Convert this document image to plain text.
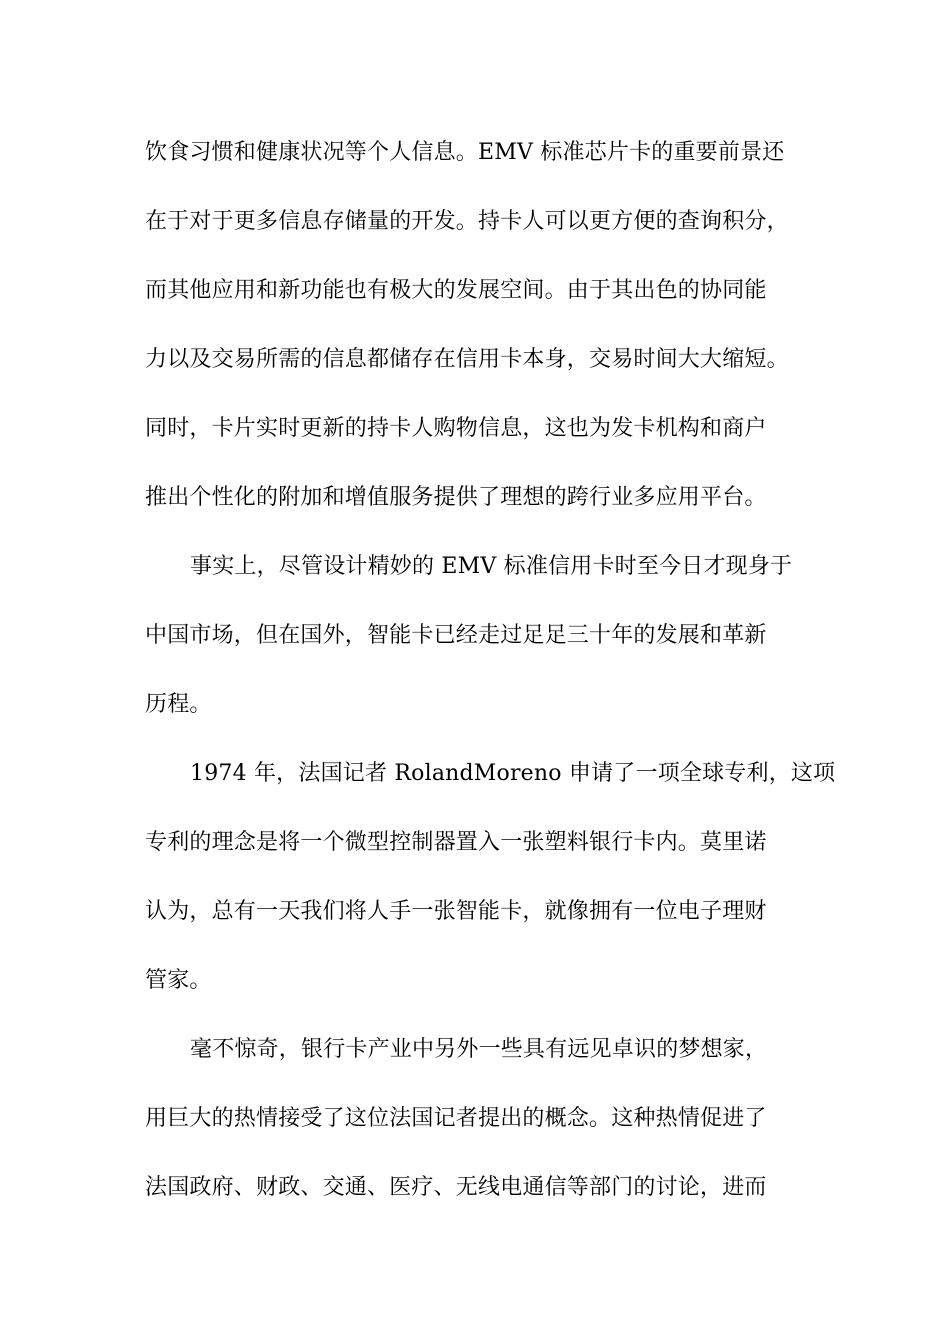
饮食习惯和健康状况等个人信息。EMV 标准芯片卡的重要前景还
在于对于更多信息存储量的开发。持卡人可以更方便的查询积分，
而其他应用和新功能也有极大的发展空间。由于其出色的协同能
力以及交易所需的信息都储存在信用卡本身，交易时间大大缩短。
同时，卡片实时更新的持卡人购物信息，这也为发卡机构和商户
推出个性化的附加和增值服务提供了理想的跨行业多应用平台。
事实上，尽管设计精妙的 EMV 标准信用卡时至今日才现身于
中国市场，但在国外，智能卡已经走过足足三十年的发展和革新
历程。
1974 年，法国记者 RolandMoreno 申请了一项全球专利，这项
专利的理念是将一个微型控制器置入一张塑料银行卡内。莫里诺
认为，总有一天我们将人手一张智能卡，就像拥有一位电子理财
管家。
毫不惊奇，银行卡产业中另外一些具有远见卓识的梦想家，
用巨大的热情接受了这位法国记者提出的概念。这种热情促进了
法国政府、财政、交通、医疗、无线电通信等部门的讨论，进而
